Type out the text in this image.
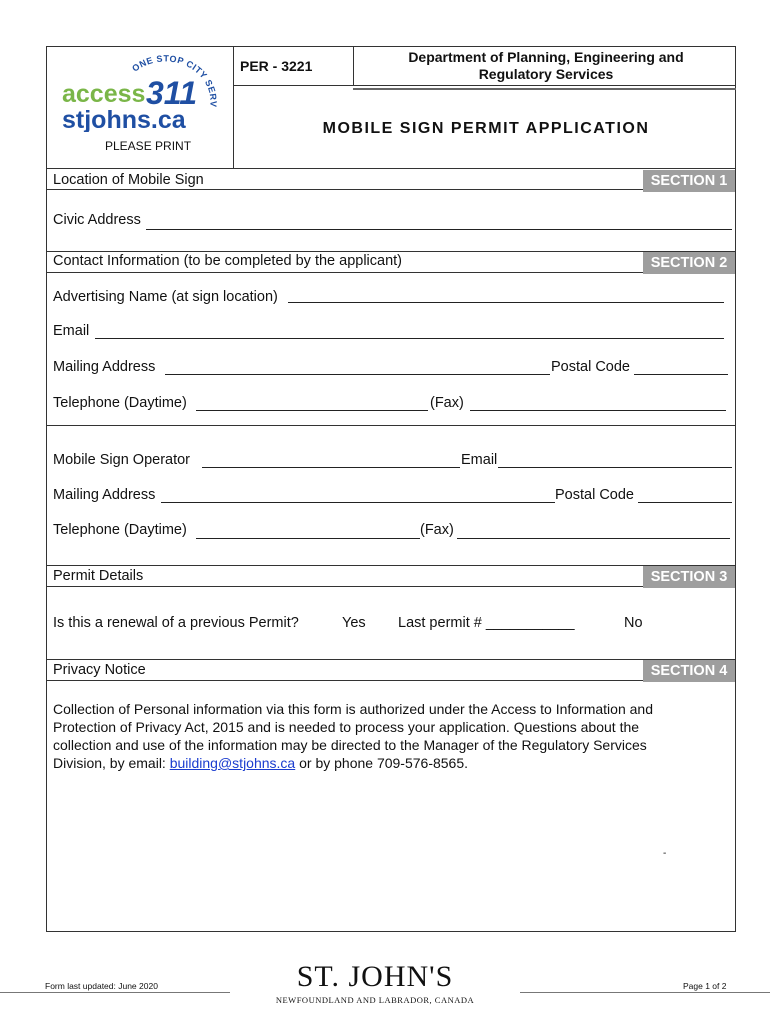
ONE STOP CITY SERV
access 311
stjohns.ca
PLEASE PRINT
PER - 3221
Department of Planning, Engineering and
Regulatory Services
MOBILE SIGN PERMIT APPLICATION
Location of Mobile Sign	SECTION 1
Civic Address
Contact Information (to be completed by the applicant)	SECTION 2
Advertising Name (at sign location)
Email
Mailing Address	Postal Code
Telephone (Daytime)	(Fax)
Mobile Sign Operator	Email
Mailing Address	Postal Code
Telephone (Daytime)	(Fax)
Permit Details	SECTION 3
Is this a renewal of a previous Permit?	Yes Last permit # ___________	No
Privacy Notice	SECTION 4
Collection of Personal information via this form is authorized under the Access to Information and
Protection of Privacy Act, 2015 and is needed to process your application. Questions about the
collection and use of the information may be directed to the Manager of the Regulatory Services
Division, by email: building@stjohns.ca or by phone 709-576-8565.
-
Form last updated: June 2020	ST. JOHN'S
NEWFOUNDLAND AND LABRADOR, CANADA
Page 1 of 2
